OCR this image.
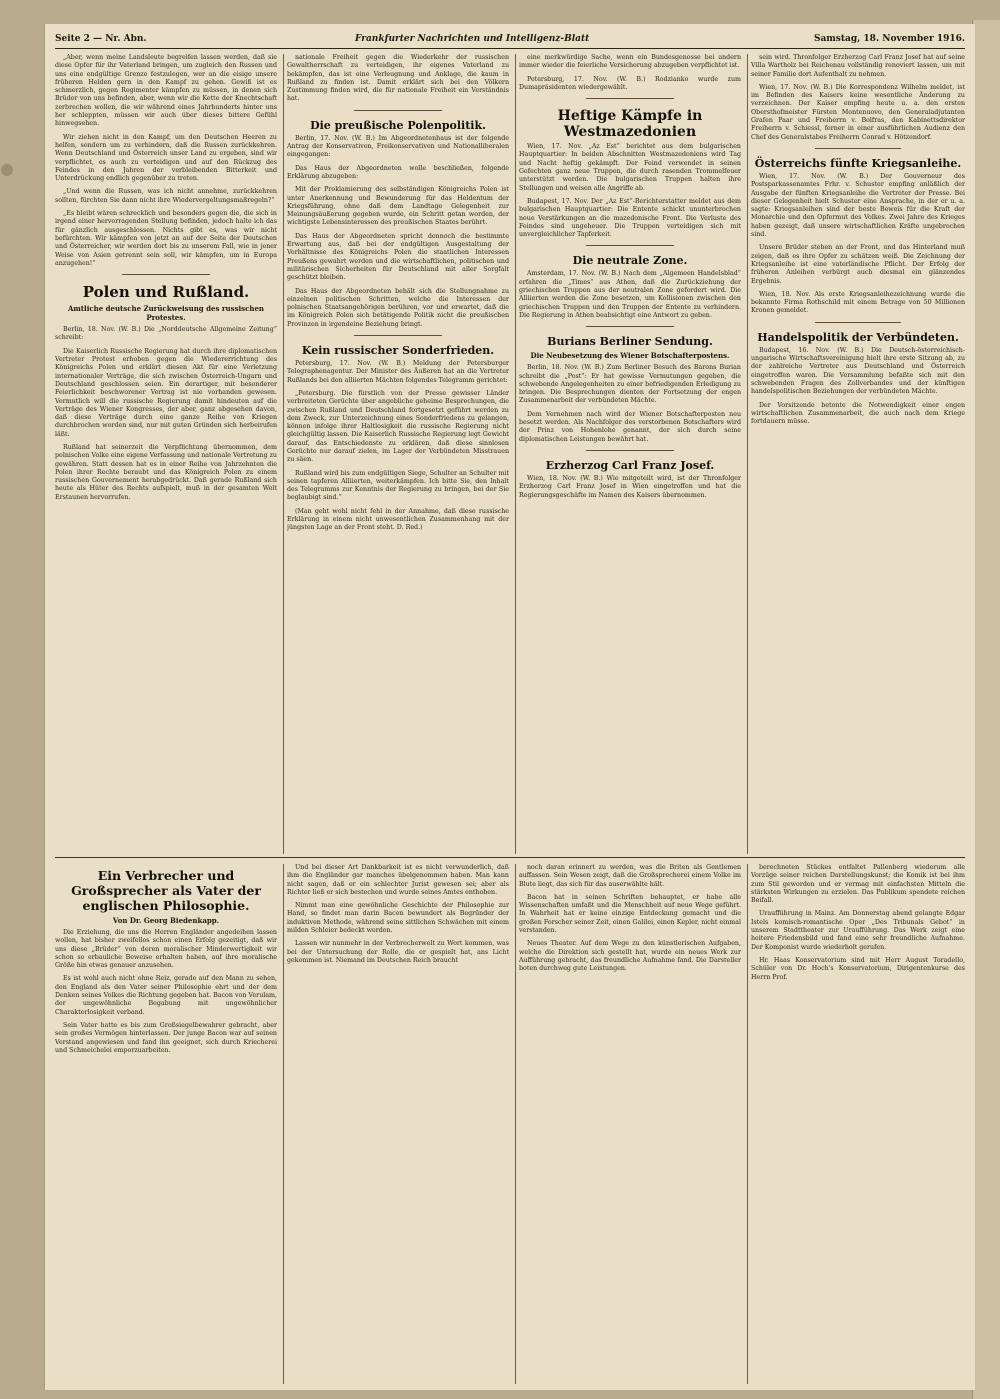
Seite 2 — Nr. Abn.	Frankfurter Nachrichten und Intelligenz-Blatt	Samstag, 18. November 1916.

„Aber, wenn meine Landsleute begreifen lassen werden, daß sie diese Opfer für ihr Vaterland bringen, um zugleich den Russen und uns eine endgültige Grenze festzulegen, wer an die eisige unsere früheren Helden gern in den Kampf zu gehen. Gewiß ist es schmerzlich, gegen Regimenter kämpfen zu müssen, in denen sich Brüder von uns befinden, aber, wenn wir die Kette der Knechtschaft zerbrechen wollen, die wir während eines Jahrhunderts hinter uns her schleppten, müssen wir auch über dieses bittere Gefühl hinwegsehen.

Wir ziehen nicht in den Kampf, um den Deutschen Heeren zu helfen, sondern um zu verhindern, daß die Russen zurückkehren. Wenn Deutschland und Österreich unser Land zu ergeben, sind wir verpflichtet, es auch zu verteidigen und auf den Rückzug des Feindes in den Jahren der verbleibenden Bitterkeit und Unterdrückung endlich gegenüber zu treten.

„Und wenn die Russen, was ich nicht annehme, zurückkehren sollten, fürchten Sie dann nicht ihre Wiedervergeltungsmaßregeln?“

„Es bleibt wären schrecklich und besonders gegen die, die sich in irgend einer hervorragenden Stellung befinden, jedoch halte ich das für gänzlich ausgeschlossen. Nichts gibt es, was wir nicht befürchten. Wir kämpfen von jetzt an auf der Seite der Deutschen und Österreicher, wir werden dort bis zu unserem Fall, wie in jener Weise von Asien getrennt sein soll, wir kämpfen, um in Europa anzugehen!“

Polen und Rußland.
Amtliche deutsche Zurückweisung des russischen Protestes.

Berlin, 18. Nov. (W. B.) Die „Norddeutsche Allgemeine Zeitung“ schreibt:

Die Kaiserlich Russische Regierung hat durch ihre diplomatischen Vertreter Protest erhoben gegen die Wiedererrichtung des Königreichs Polen und erklärt diesen Akt für eine Verletzung internationaler Verträge, die sich zwischen Österreich-Ungarn und Deutschland geschlossen seien. Ein derartiger, mit besonderer Feierlichkeit beschworener Vertrag ist nie vorhanden gewesen. Vermutlich will die russische Regierung damit hindeuten auf die Verträge des Wiener Kongresses, der aber, ganz abgesehen davon, daß diese Verträge durch eine ganze Reihe von Kriegen durchbrochen worden sind, nur mit guten Gründen sich herbeirufen läßt.

Rußland hat seinerzeit die Verpflichtung übernommen, dem polnischen Volke eine eigene Verfassung und nationale Vertretung zu gewähren. Statt dessen hat es in einer Reihe von Jahrzehnten die Polen ihrer Rechte beraubt und das Königreich Polen zu einem russischen Gouvernement herabgedrückt. Daß gerade Rußland sich heute als Hüter des Rechts aufspielt, muß in der gesamten Welt Erstaunen hervorrufen.

nationale Freiheit gegen die Wiederkehr der russischen Gewaltherrschaft zu verteidigen, ihr eigenes Vaterland zu bekämpfen, das ist eine Verleugnung und Anklage, die kaum in Rußland zu finden ist. Damit erklärt sich bei den Völkern Zustimmung finden wird, die für nationale Freiheit ein Verständnis hat.

Die preußische Polenpolitik.

Berlin, 17. Nov. (W. B.) Im Abgeordnetenhaus ist der folgende Antrag der Konservativen, Freikonservativen und Nationalliberalen eingegangen:

Das Haus der Abgeordneten wolle beschließen, folgende Erklärung abzugeben:

Mit der Proklamierung des selbständigen Königreichs Polen ist unter Anerkennung und Bewunderung für das Heldentum der Kriegsführung, ohne daß dem Landtage Gelegenheit zur Meinungsäußerung gegeben wurde, ein Schritt getan worden, der wichtigste Lebensinteressen des preußischen Staates berührt.

Das Haus der Abgeordneten spricht dennoch die bestimmte Erwartung aus, daß bei der endgültigen Ausgestaltung der Verhältnisse des Königreichs Polen die staatlichen Interessen Preußens gewahrt werden und die wirtschaftlichen, politischen und militärischen Sicherheiten für Deutschland mit aller Sorgfalt geschützt bleiben.

Das Haus der Abgeordneten behält sich die Stellungnahme zu einzelnen politischen Schritten, welche die Interessen der polnischen Staatsangehörigen berühren, vor und erwartet, daß die im Königreich Polen sich betätigende Politik nicht die preußischen Provinzen in irgendeine Beziehung bringt.

Kein russischer Sonderfrieden.

Petersburg, 17. Nov. (W. B.) Meldung der Petersburger Telegraphenagentur. Der Minister des Äußeren hat an die Vertreter Rußlands bei den alliierten Mächten folgendes Telegramm gerichtet:

„Petersburg. Die fürstlich von der Presse gewisser Länder verbreiteten Gerüchte über angebliche geheime Besprechungen, die zwischen Rußland und Deutschland fortgesetzt geführt werden zu dem Zweck, zur Unterzeichnung eines Sonderfriedens zu gelangen, können infolge ihrer Haltlosigkeit die russische Regierung nicht gleichgültig lassen. Die Kaiserlich Russische Regierung legt Gewicht darauf, das Entschiedenste zu erklären, daß diese sinnlosen Gerüchte nur darauf zielen, im Lager der Verbündeten Misstrauen zu säen.

Rußland wird bis zum endgültigen Siege, Schulter an Schulter mit seinen tapferen Alliierten, weiterkämpfen. Ich bitte Sie, den Inhalt des Telegramms zur Kenntnis der Regierung zu bringen, bei der Sie beglaubigt sind.“

(Man geht wohl nicht fehl in der Annahme, daß diese russische Erklärung in einem nicht unwesentlichen Zusammenhang mit der jüngsten Lage an der Front steht. D. Red.)

eine merkwürdige Sache, wenn ein Bundesgenosse bei andern immer wieder die feierliche Versicherung abzugeben verpflichtet ist.

Petersburg, 17. Nov. (W. B.) Rodzianko wurde zum Dumapräsidenten wiedergewählt.

Heftige Kämpfe in Westmazedonien

Wien, 17. Nov. „Az Est“ berichtet aus dem bulgarischen Hauptquartier: In beiden Abschnitten Westmazedoniens wird Tag und Nacht heftig gekämpft. Der Feind verwendet in seinen Gefechten ganz neue Truppen, die durch rasenden Trommelfeuer unterstützt werden. Die bulgarischen Truppen halten ihre Stellungen und weisen alle Angriffe ab.

Budapest, 17. Nov. Der „Az Est“-Berichterstatter meldet aus dem bulgarischen Hauptquartier: Die Entente schickt ununterbrochen neue Verstärkungen an die mazedonische Front. Die Verluste des Feindes sind ungeheuer. Die Truppen verteidigen sich mit unvergleichlicher Tapferkeit.

Die neutrale Zone.

Amsterdam, 17. Nov. (W. B.) Nach dem „Algemeen Handelsblad“ erfahren die „Times“ aus Athen, daß die Zurückziehung der griechischen Truppen aus der neutralen Zone gefordert wird. Die Alliierten werden die Zone besetzen, um Kollisionen zwischen den griechischen Truppen und den Truppen der Entente zu verhindern. Die Regierung in Athen beabsichtigt eine Antwort zu geben.

Burians Berliner Sendung.
Die Neubesetzung des Wiener Botschafterpostens.

Berlin, 18. Nov. (W. B.) Zum Berliner Besuch des Barons Burian schreibt die „Post“: Er hat gewisse Vermutungen gegeben, die schwebende Angelegenheiten zu einer befriedigenden Erledigung zu bringen. Die Besprechungen dienten der Fortsetzung der engen Zusammenarbeit der verbündeten Mächte.

Dem Vernehmen nach wird der Wiener Botschafterposten neu besetzt werden. Als Nachfolger des verstorbenen Botschafters wird der Prinz von Hohenlohe genannt, der sich durch seine diplomatischen Leistungen bewährt hat.

Erzherzog Carl Franz Josef.

Wien, 18. Nov. (W. B.) Wie mitgeteilt wird, ist der Thronfolger Erzherzog Carl Franz Josef in Wien eingetroffen und hat die Regierungsgeschäfte im Namen des Kaisers übernommen.

sein wird. Thronfolger Erzherzog Carl Franz Josef hat auf seine Villa Wartholz bei Reichenau vollständig renoviert lassen, um mit seiner Familie dort Aufenthalt zu nehmen.

Wien, 17. Nov. (W. B.) Die Korrespondenz Wilhelm meldet, ist im Befinden des Kaisers keine wesentliche Änderung zu verzeichnen. Der Kaiser empfing heute u. a. den ersten Obersthofmeister Fürsten Montenuovo, den Generaladjutanten Grafen Paar und Freiherrn v. Bolfras, den Kabinettsdirektor Freiherrn v. Schiessl, ferner in einer ausführlichen Audienz den Chef des Generalstabes Freiherrn Conrad v. Hötzendorf.

Österreichs fünfte Kriegsanleihe.

Wien, 17. Nov. (W. B.) Der Gouverneur des Postsparkassenamtes Frhr. v. Schuster empfing anläßlich der Ausgabe der fünften Kriegsanleihe die Vertreter der Presse. Bei dieser Gelegenheit hielt Schuster eine Ansprache, in der er u. a. sagte: Kriegsanleihen sind der beste Beweis für die Kraft der Monarchie und den Opfermut des Volkes. Zwei Jahre des Krieges haben gezeigt, daß unsere wirtschaftlichen Kräfte ungebrochen sind.

Unsere Brüder stehen an der Front, und das Hinterland muß zeigen, daß es ihre Opfer zu schätzen weiß. Die Zeichnung der Kriegsanleihe ist eine vaterländische Pflicht. Der Erfolg der früheren Anleihen verbürgt auch diesmal ein glänzendes Ergebnis.

Wien, 18. Nov. Als erste Kriegsanleihezeichnung wurde die bekannte Firma Rothschild mit einem Betrage von 50 Millionen Kronen gemeldet.

Handelspolitik der Verbündeten.

Budapest, 16. Nov. (W. B.) Die Deutsch-österreichisch-ungarische Wirtschaftsvereinigung hielt ihre erste Sitzung ab, zu der zahlreiche Vertreter aus Deutschland und Österreich eingetroffen waren. Die Versammlung befaßte sich mit den schwebenden Fragen des Zollverbandes und der künftigen handelspolitischen Beziehungen der verbündeten Mächte.

Der Vorsitzende betonte die Notwendigkeit einer engen wirtschaftlichen Zusammenarbeit, die auch nach dem Kriege fortdauern müsse.

Ein Verbrecher und Großsprecher als Vater der englischen Philosophie.
Von Dr. Georg Biedenkapp.

Die Erziehung, die uns die Herren Engländer angedeihen lassen wollen, hat bisher zweifellos schon einen Erfolg gezeitigt, daß wir uns diese „Brüder“ von deren moralischer Minderwertigkeit wir schon so erbauliche Beweise erhalten haben, auf ihre moralische Größe hin etwas genauer anzusehen.

Es ist wohl auch nicht ohne Reiz, gerade auf den Mann zu sehen, den England als den Vater seiner Philosophie ehrt und der dem Denken seines Volkes die Richtung gegeben hat. Bacon von Verulam, der ungewöhnliche Begabung mit ungewöhnlicher Charakterlosigkeit verband.

Sein Vater hatte es bis zum Großsiegelbewahrer gebracht, aber sein großes Vermögen hinterlassen. Der junge Bacon war auf seinen Verstand angewiesen und fand ihn geeignet, sich durch Kriecherei und Schmeichelei emporzuarbeiten.

Und bei dieser Art Dankbarkeit ist es nicht verwunderlich, daß ihm die Engländer gar manches übelgenommen haben. Man kann nicht sagen, daß er ein schlechter Jurist gewesen sei; aber als Richter ließ er sich bestechen und wurde seines Amtes enthoben.

Nimmt man eine gewöhnliche Geschichte der Philosophie zur Hand, so findet man darin Bacon bewundert als Begründer der induktiven Methode, während seine sittlichen Schwächen mit einem milden Schleier bedeckt werden.

Lassen wir nunmehr in der Verbrecherwelt zu Wort kommen, was bei der Untersuchung der Rolle, die er gespielt hat, ans Licht gekommen ist. Niemand im Deutschen Reich braucht

noch daran erinnert zu werden, was die Briten als Gentlemen auffassen. Sein Wesen zeigt, daß die Großsprecherei einem Volke im Blute liegt, das sich für das auserwählte hält.

Bacon hat in seinen Schriften behauptet, er habe alle Wissenschaften umfaßt und die Menschheit auf neue Wege geführt. In Wahrheit hat er keine einzige Entdeckung gemacht und die großen Forscher seiner Zeit, einen Galilei, einen Kepler, nicht einmal verstanden.

Neues Theater. Auf dem Wege zu den künstlerischen Aufgaben, welche die Direktion sich gestellt hat, wurde ein neues Werk zur Aufführung gebracht, das freundliche Aufnahme fand. Die Darsteller boten durchweg gute Leistungen.

berechneten Stückes entfaltet Pallenberg wiederum alle Vorzüge seiner reichen Darstellungskunst; die Komik ist bei ihm zum Stil geworden und er vermag mit einfachsten Mitteln die stärksten Wirkungen zu erzielen. Das Publikum spendete reichen Beifall.

Uraufführung in Mainz. Am Donnerstag abend gelangte Edgar Istels komisch-romantische Oper „Des Tribunals Gebot“ in unserem Stadttheater zur Uraufführung. Das Werk zeigt eine heitere Friedensbild und fand eine sehr freundliche Aufnahme. Der Komponist wurde wiederholt gerufen.

Hr. Haas Konservatorium sind mit Herr August Toradello, Schüler von Dr. Hoch's Konservatorium, Dirigentenkurse des Herrn Prof.
